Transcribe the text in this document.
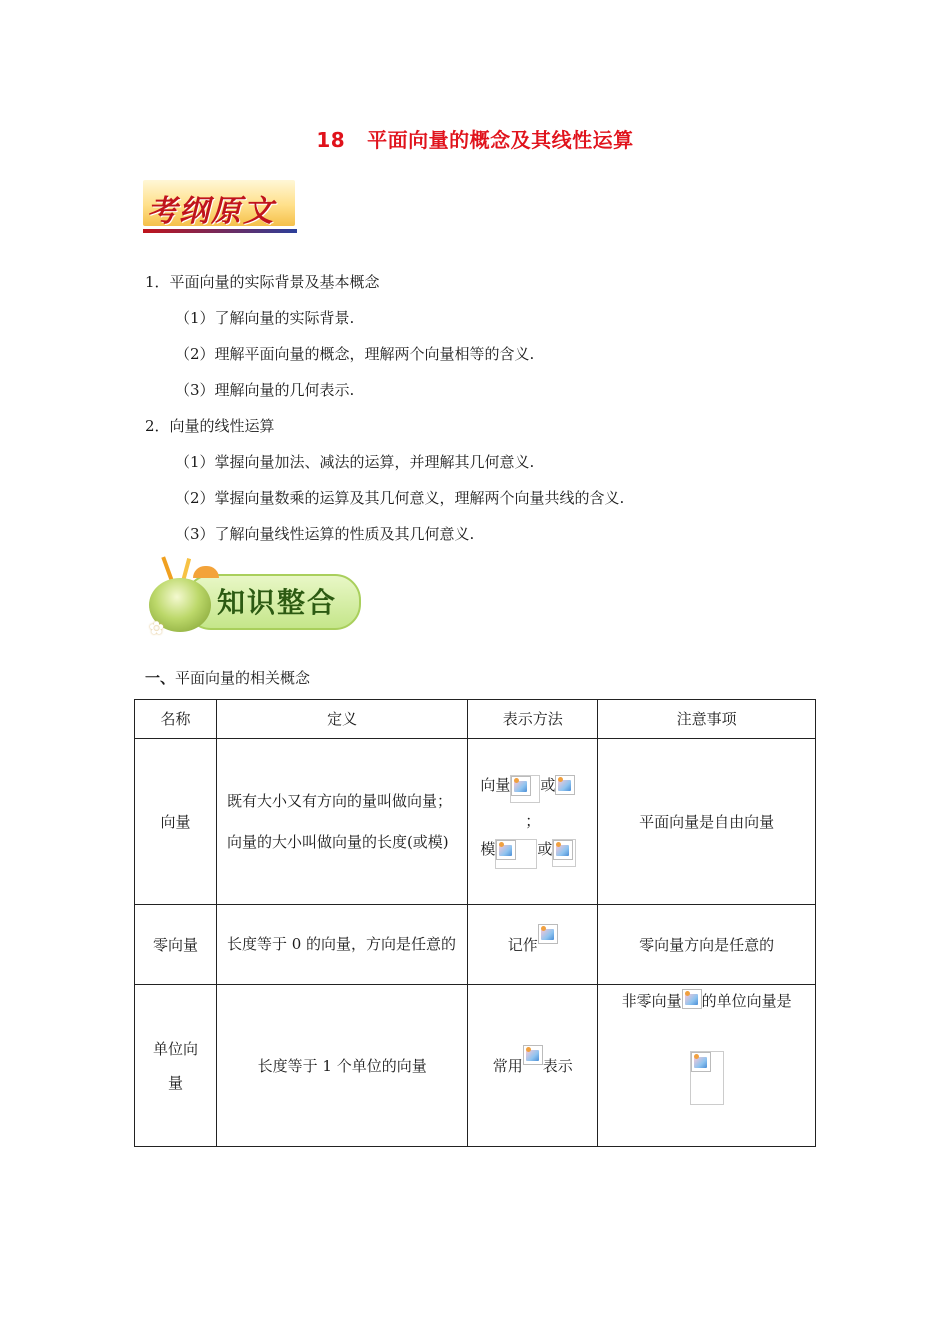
18 平面向量的概念及其线性运算
考纲原文
1．平面向量的实际背景及基本概念
（1）了解向量的实际背景.
（2）理解平面向量的概念，理解两个向量相等的含义.
（3）理解向量的几何表示.
2．向量的线性运算
（1）掌握向量加法、减法的运算，并理解其几何意义.
（2）掌握向量数乘的运算及其几何意义，理解两个向量共线的含义.
（3）了解向量线性运算的性质及其几何意义.
✿
知识整合
一、平面向量的相关概念
名称	定义	表示方法	注意事项
向量	既有大小又有方向的量叫做向量；向量的大小叫做向量的长度(或模)	向量 或
；
模 或	平面向量是自由向量
零向量	长度等于 0 的向量，方向是任意的	记作	零向量方向是任意的
单位向量	长度等于 1 个单位的向量	常用 表示	非零向量 的单位向量是
